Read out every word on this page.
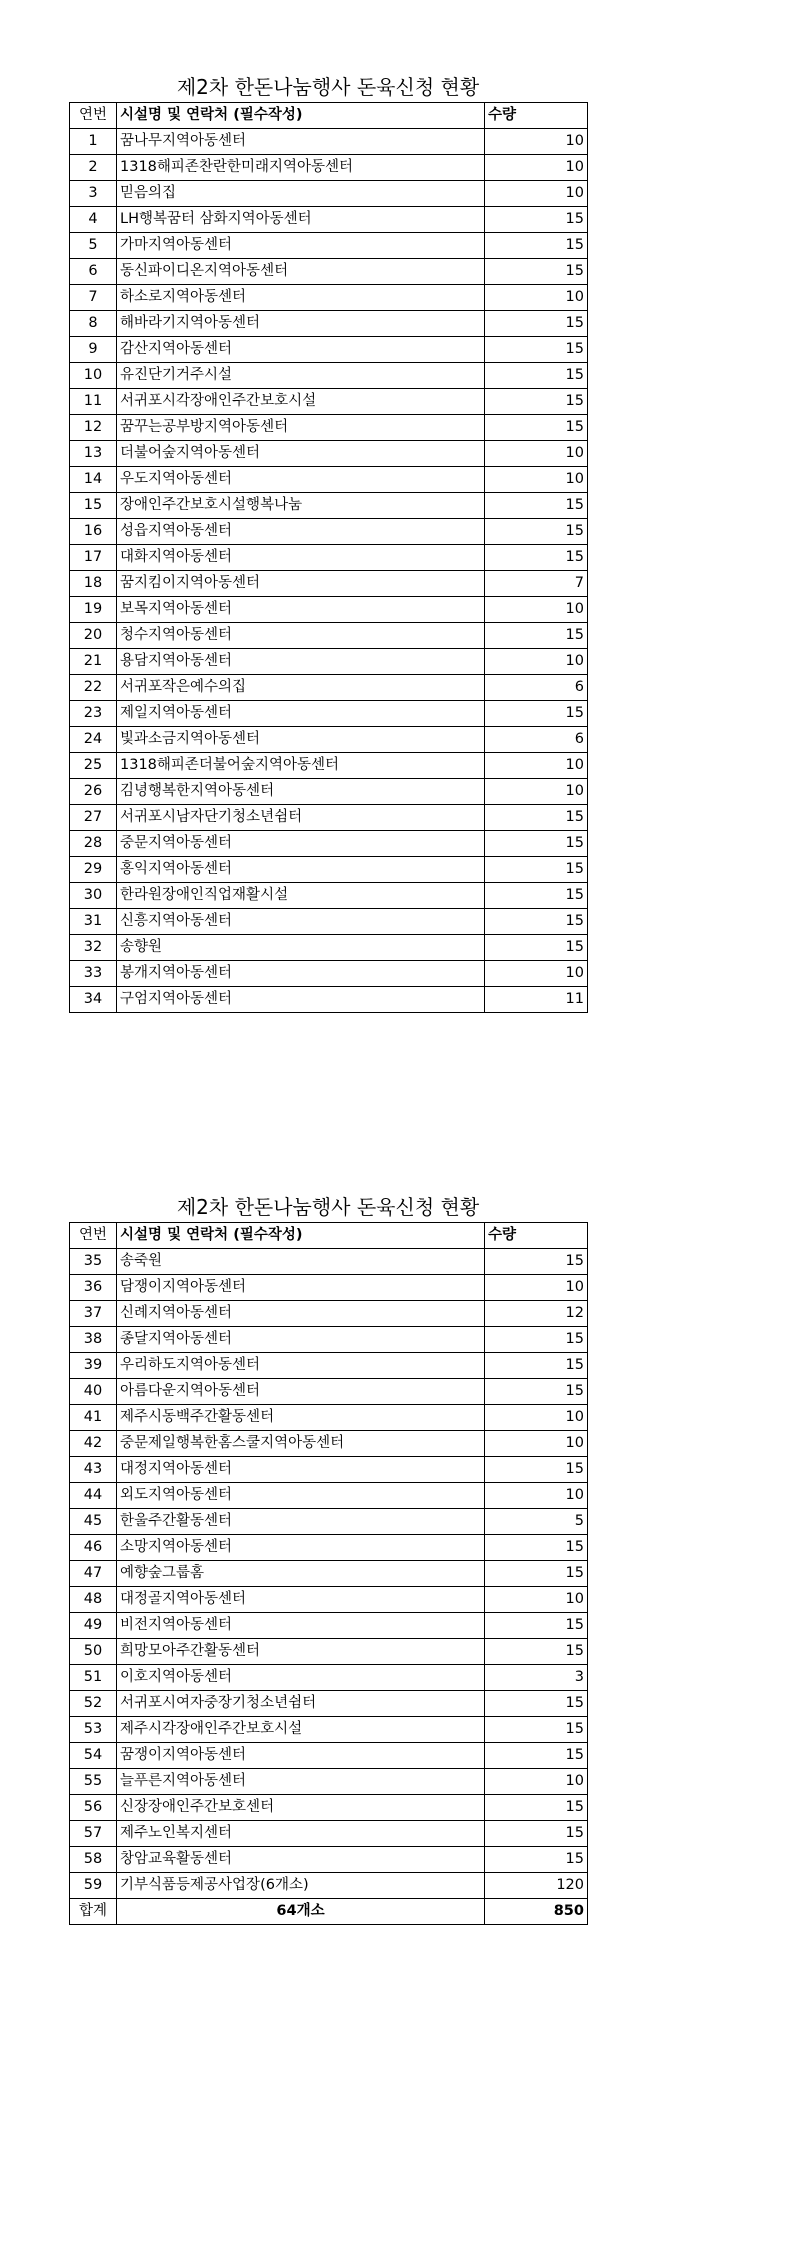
제2차 한돈나눔행사 돈육신청 현황
연번	시설명 및 연락처 (필수작성)	수량
1	꿈나무지역아동센터	10
2	1318해피존찬란한미래지역아동센터	10
3	믿음의집	10
4	LH행복꿈터 삼화지역아동센터	15
5	가마지역아동센터	15
6	동신파이디온지역아동센터	15
7	하소로지역아동센터	10
8	해바라기지역아동센터	15
9	감산지역아동센터	15
10	유진단기거주시설	15
11	서귀포시각장애인주간보호시설	15
12	꿈꾸는공부방지역아동센터	15
13	더불어숲지역아동센터	10
14	우도지역아동센터	10
15	장애인주간보호시설행복나눔	15
16	성읍지역아동센터	15
17	대화지역아동센터	15
18	꿈지킴이지역아동센터	7
19	보목지역아동센터	10
20	청수지역아동센터	15
21	용담지역아동센터	10
22	서귀포작은예수의집	6
23	제일지역아동센터	15
24	빛과소금지역아동센터	6
25	1318해피존더불어숲지역아동센터	10
26	김녕행복한지역아동센터	10
27	서귀포시남자단기청소년쉼터	15
28	중문지역아동센터	15
29	홍익지역아동센터	15
30	한라원장애인직업재활시설	15
31	신흥지역아동센터	15
32	송향원	15
33	봉개지역아동센터	10
34	구엄지역아동센터	11
제2차 한돈나눔행사 돈육신청 현황
연번	시설명 및 연락처 (필수작성)	수량
35	송죽원	15
36	담쟁이지역아동센터	10
37	신례지역아동센터	12
38	종달지역아동센터	15
39	우리하도지역아동센터	15
40	아름다운지역아동센터	15
41	제주시동백주간활동센터	10
42	중문제일행복한홈스쿨지역아동센터	10
43	대정지역아동센터	15
44	외도지역아동센터	10
45	한울주간활동센터	5
46	소망지역아동센터	15
47	예향숲그룹홈	15
48	대정골지역아동센터	10
49	비전지역아동센터	15
50	희망모아주간활동센터	15
51	이호지역아동센터	3
52	서귀포시여자중장기청소년쉼터	15
53	제주시각장애인주간보호시설	15
54	꿈쟁이지역아동센터	15
55	늘푸른지역아동센터	10
56	신장장애인주간보호센터	15
57	제주노인복지센터	15
58	창암교육활동센터	15
59	기부식품등제공사업장(6개소)	120
합계	64개소	850
